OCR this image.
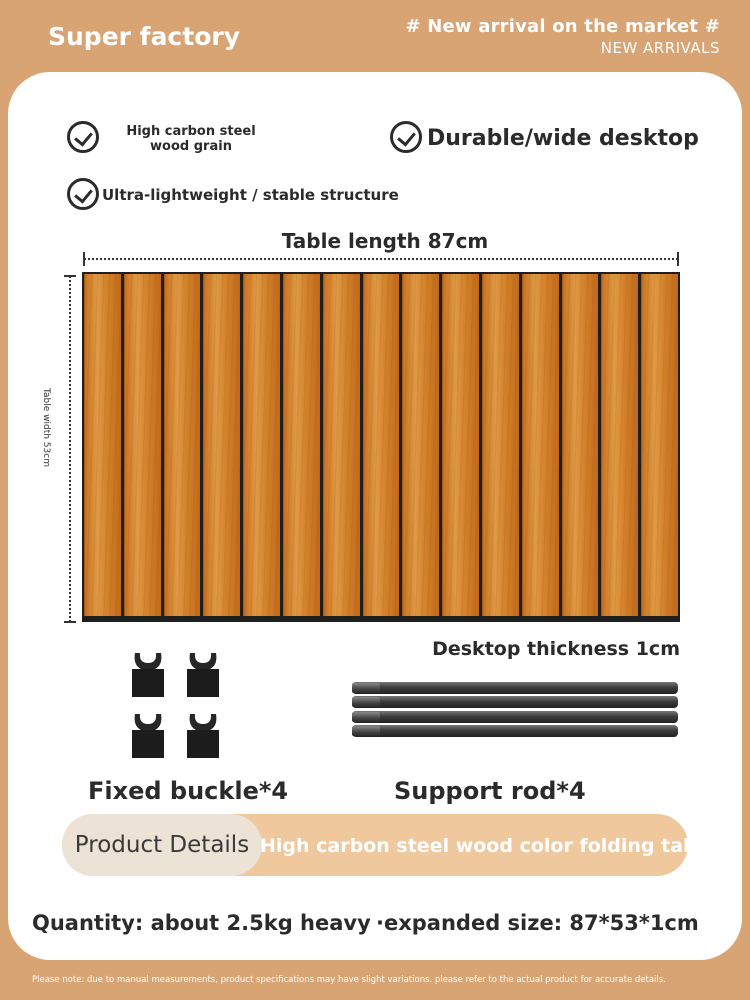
Super factory	# New arrival on the market #
NEW ARRIVALS
High carbon steel
wood grain	Durable/wide desktop
Ultra-lightweight / stable structure
Table length 87cm
Table width 53cm
Desktop thickness 1cm
Fixed buckle*4	Support rod*4
Product Details High carbon steel wood color folding table
Quantity: about 2.5kg heavy ·expanded size: 87*53*1cm
Please note: due to manual measurements, product specifications may have slight variations. please refer to the actual product for accurate details.
